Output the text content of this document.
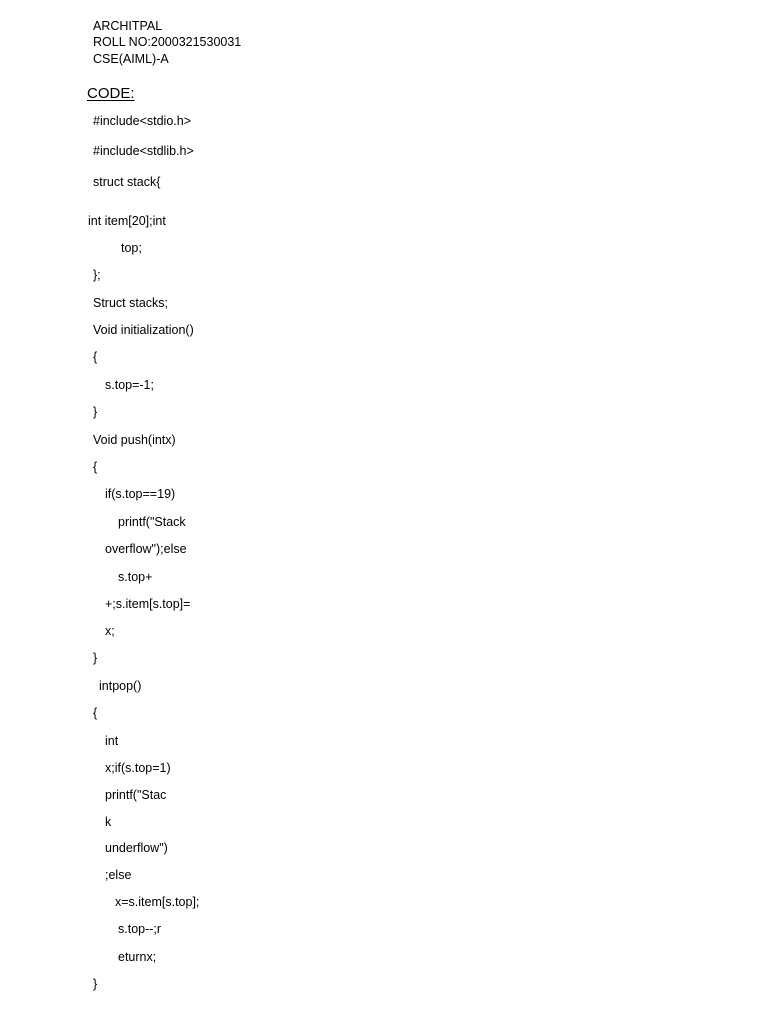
ARCHITPAL
ROLL NO:2000321530031
CSE(AIML)-A
CODE:
#include<stdio.h>
#include<stdlib.h>
struct stack{
int item[20];int
top;
};
Struct stacks;
Void initialization()
{
s.top=-1;
}
Void push(intx)
{
if(s.top==19)
printf("Stack
overflow");else
s.top+
+;s.item[s.top]=
x;
}
intpop()
{
int
x;if(s.top=1)
printf("Stac
k
underflow")
;else
x=s.item[s.top];
s.top--;r
eturnx;
}
